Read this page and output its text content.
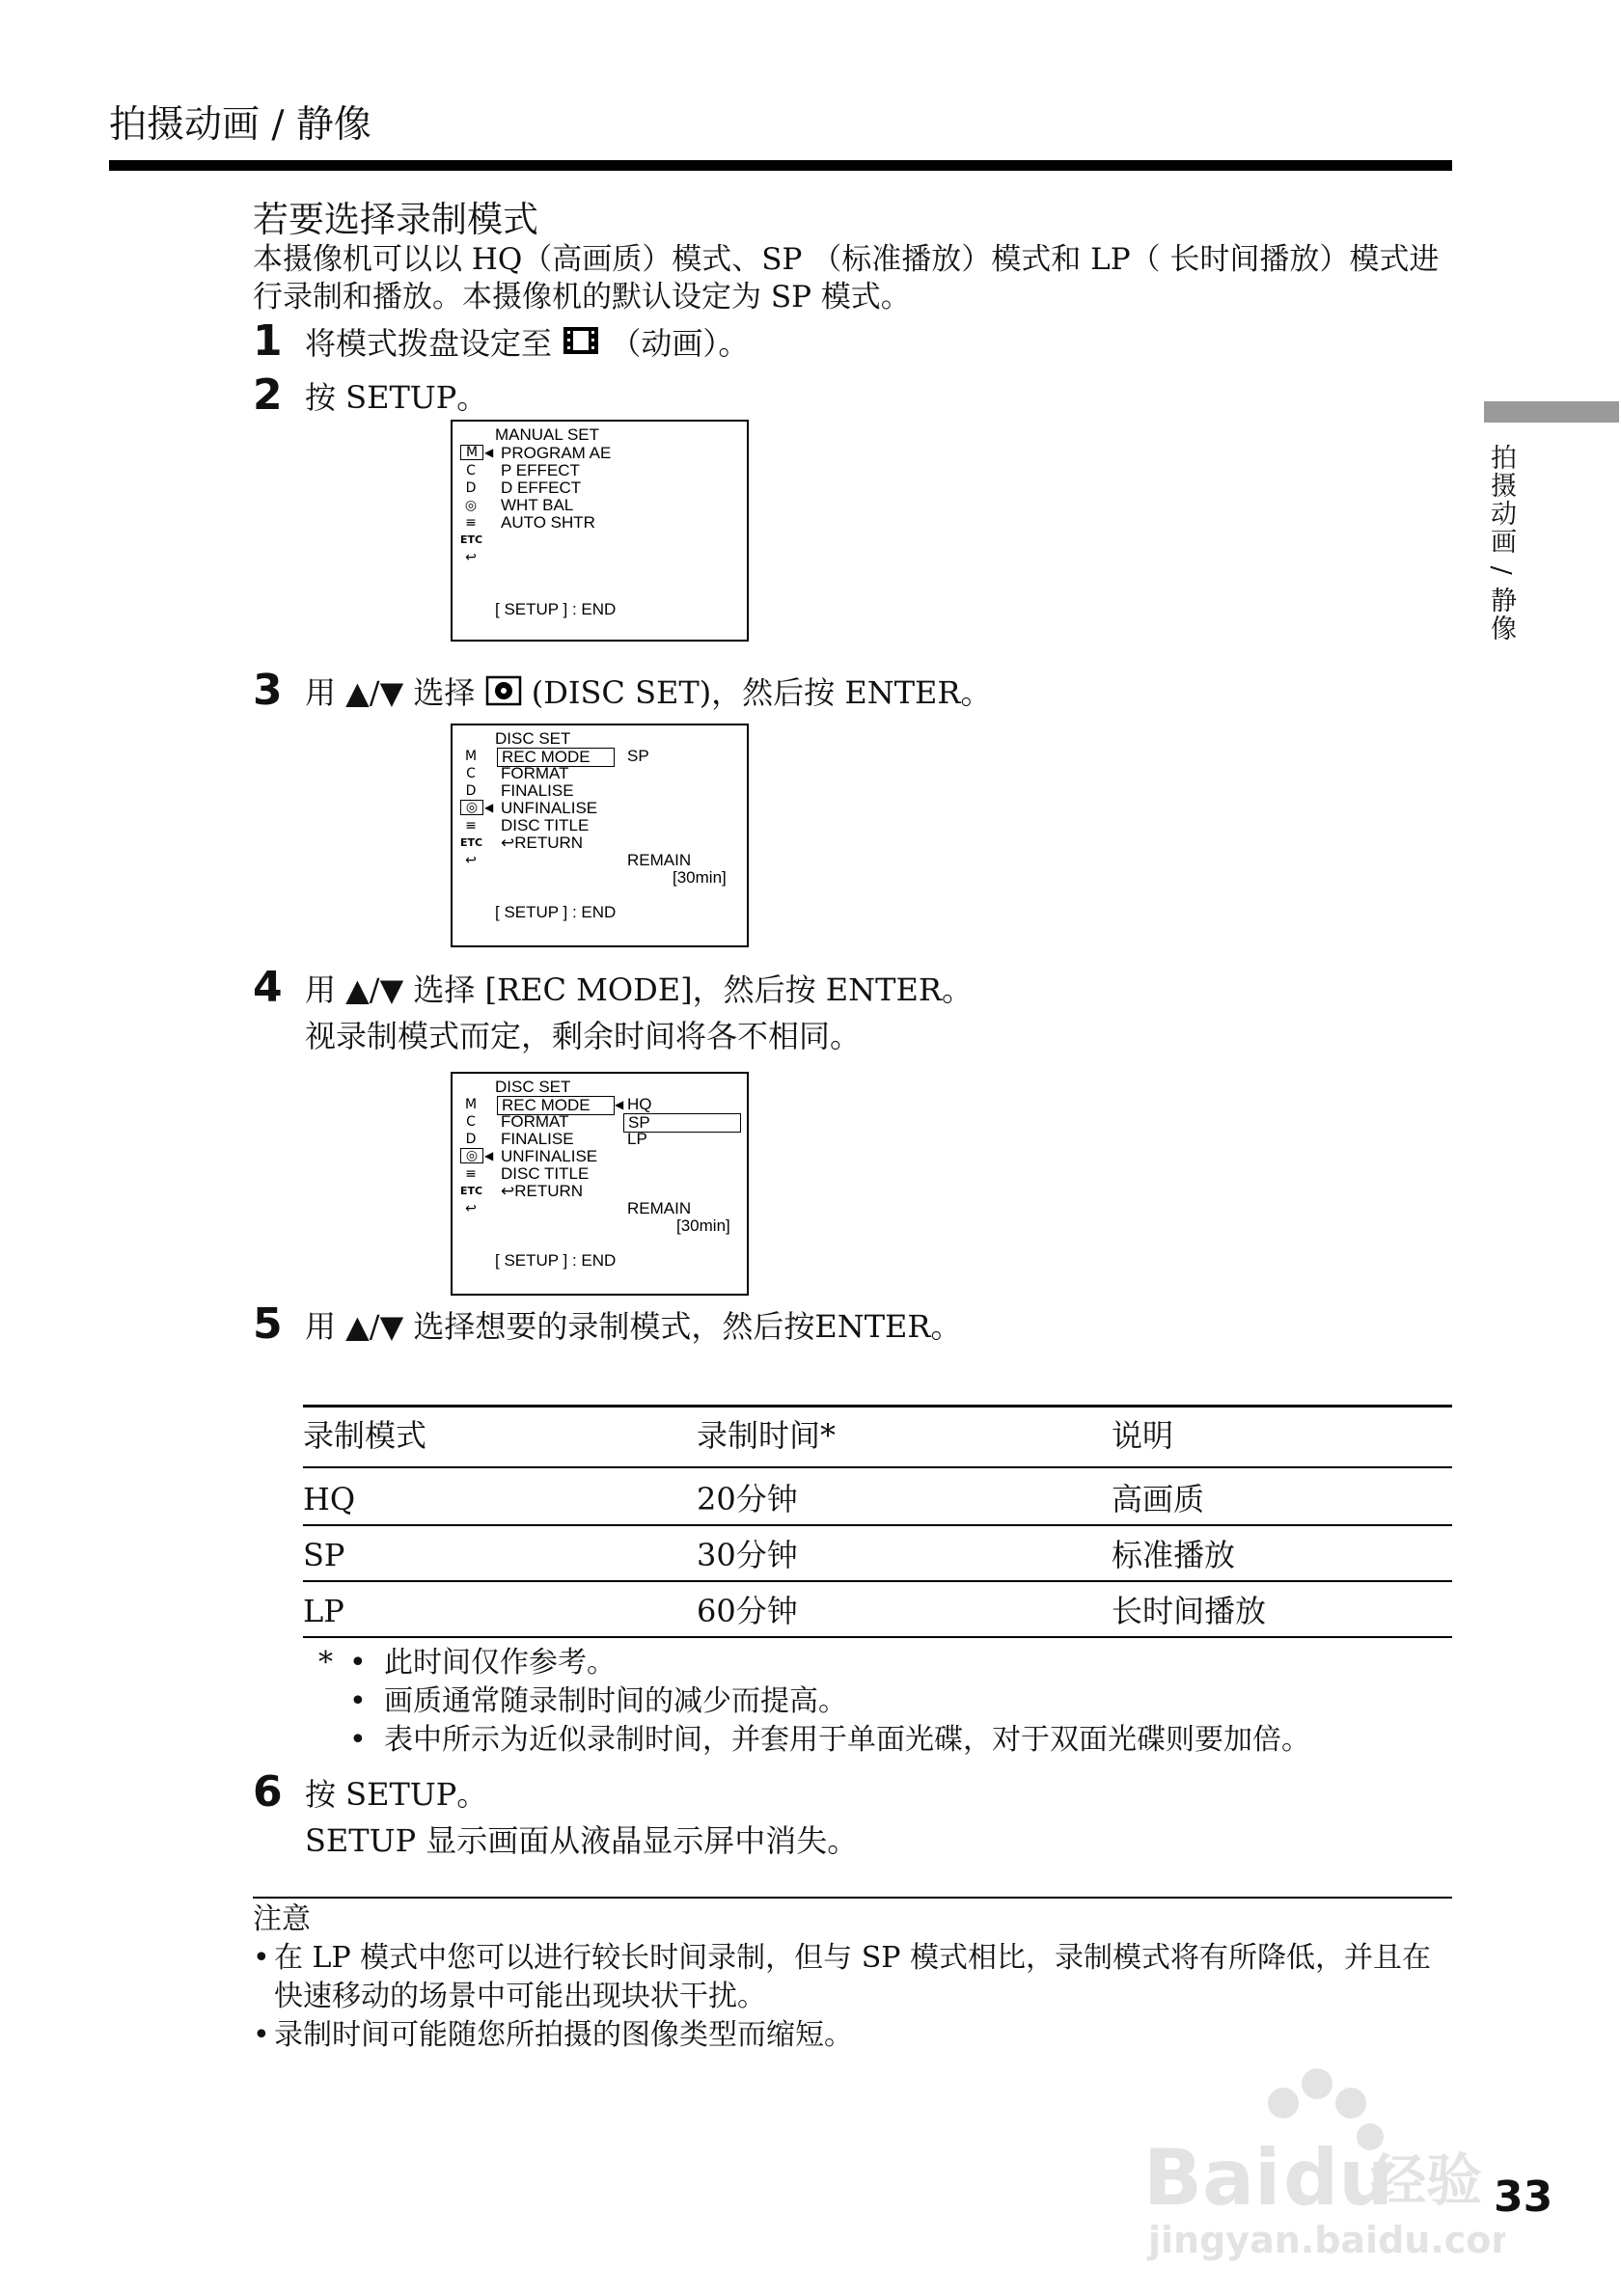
拍摄动画 / 静像
拍摄动画 / 静像
若要选择录制模式
本摄像机可以以 HQ（高画质）模式、SP （标准播放）模式和 LP（ 长时间播放）模式进行录制和播放。本摄像机的默认设定为 SP 模式。
1 将模式拨盘设定至 （动画）。
2 按 SETUP。
MANUAL SET
M ◀
C
D
◎
≡
ETC
↩
PROGRAM AE
P EFFECT
D EFFECT
WHT BAL
AUTO SHTR
[ SETUP ] : END
3 用 ▲/▼ 选择 (DISC SET)，然后按 ENTER。
DISC SET
M
C
D
◎ ◀
≡
ETC
↩
REC MODE
FORMAT
FINALISE
UNFINALISE
DISC TITLE
↩RETURN
SP
REMAIN
[30min]
[ SETUP ] : END
4 用 ▲/▼ 选择 [REC MODE]，然后按 ENTER。
视录制模式而定，剩余时间将各不相同。
DISC SET
M
C
D
◎ ◀
≡
ETC
↩
REC MODE	◀
FORMAT
FINALISE
UNFINALISE
DISC TITLE
↩RETURN
HQ
SP
LP
REMAIN
[30min]
[ SETUP ] : END
5 用 ▲/▼ 选择想要的录制模式，然后按ENTER。
录制模式	录制时间*	说明
HQ	20分钟	高画质
SP	30分钟	标准播放
LP	60分钟	长时间播放
* • 此时间仅作参考。
• 画质通常随录制时间的减少而提高。
• 表中所示为近似录制时间，并套用于单面光碟，对于双面光碟则要加倍。
6 按 SETUP。
SETUP 显示画面从液晶显示屏中消失。
注意
• 在 LP 模式中您可以进行较长时间录制，但与 SP 模式相比，录制模式将有所降低，并且在快速移动的场景中可能出现块状干扰。
• 录制时间可能随您所拍摄的图像类型而缩短。
Bai du
经验
jingyan.baidu.com
33
